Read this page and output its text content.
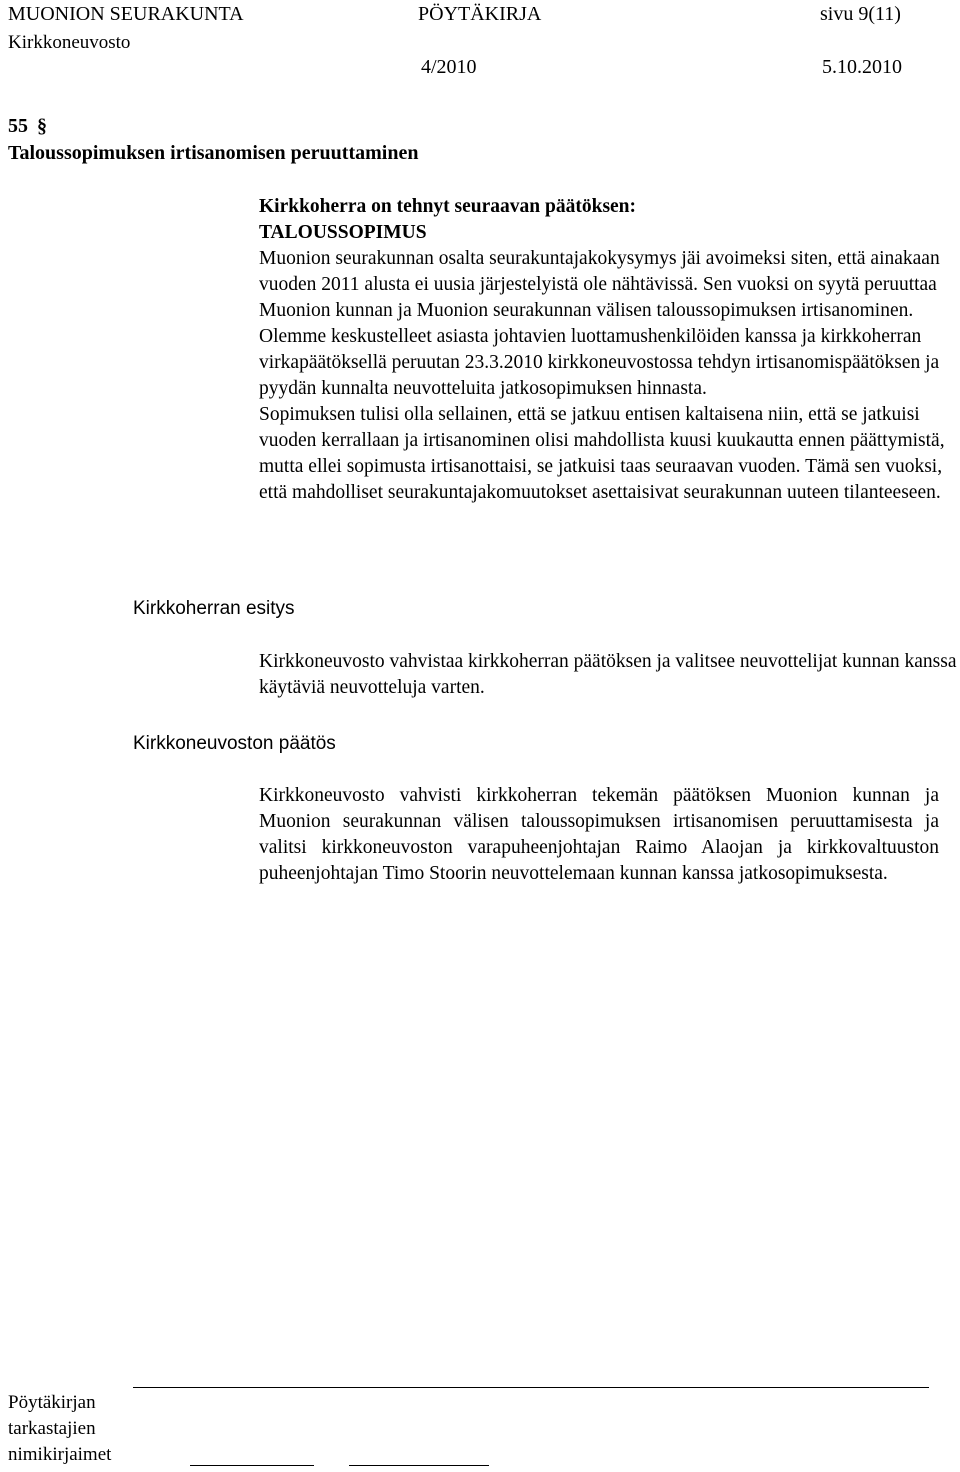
MUONION SEURAKUNTA	PÖYTÄKIRJA	sivu 9(11)
Kirkkoneuvosto
4/2010	5.10.2010
55 §
Taloussopimuksen irtisanomisen peruuttaminen

Kirkkoherra on tehnyt seuraavan päätöksen:

TALOUSSOPIMUS

Muonion seurakunnan osalta seurakuntajakokysymys jäi avoimeksi siten, että ainakaan vuoden 2011 alusta ei uusia järjestelyistä ole nähtävissä. Sen vuoksi on syytä peruuttaa Muonion kunnan ja Muonion seurakunnan välisen taloussopimuksen irtisanominen. Olemme keskustelleet asiasta johtavien luottamushenkilöiden kanssa ja kirkkoherran virkapäätöksellä peruutan 23.3.2010 kirkkoneuvostossa tehdyn irtisanomispäätöksen ja pyydän kunnalta neuvotteluita jatkosopimuksen hinnasta.

Sopimuksen tulisi olla sellainen, että se jatkuu entisen kaltaisena niin, että se jatkuisi vuoden kerrallaan ja irtisanominen olisi mahdollista kuusi kuukautta ennen päättymistä, mutta ellei sopimusta irtisanottaisi, se jatkuisi taas seuraavan vuoden. Tämä sen vuoksi, että mahdolliset seurakuntajakomuutokset asettaisivat seurakunnan uuteen tilanteeseen.

Kirkkoherran esitys

Kirkkoneuvosto vahvistaa kirkkoherran päätöksen ja valitsee neuvottelijat kunnan kanssa käytäviä neuvotteluja varten.

Kirkkoneuvoston päätös

Kirkkoneuvosto vahvisti kirkkoherran tekemän päätöksen Muonion kunnan ja Muonion seurakunnan välisen taloussopimuksen irtisanomisen peruuttamisesta ja valitsi kirkkoneuvoston varapuheenjohtajan Raimo Alaojan ja kirkkovaltuuston puheenjohtajan Timo Stoorin neuvottelemaan kunnan kanssa jatkosopimuksesta.

Pöytäkirjan
tarkastajien
nimikirjaimet
